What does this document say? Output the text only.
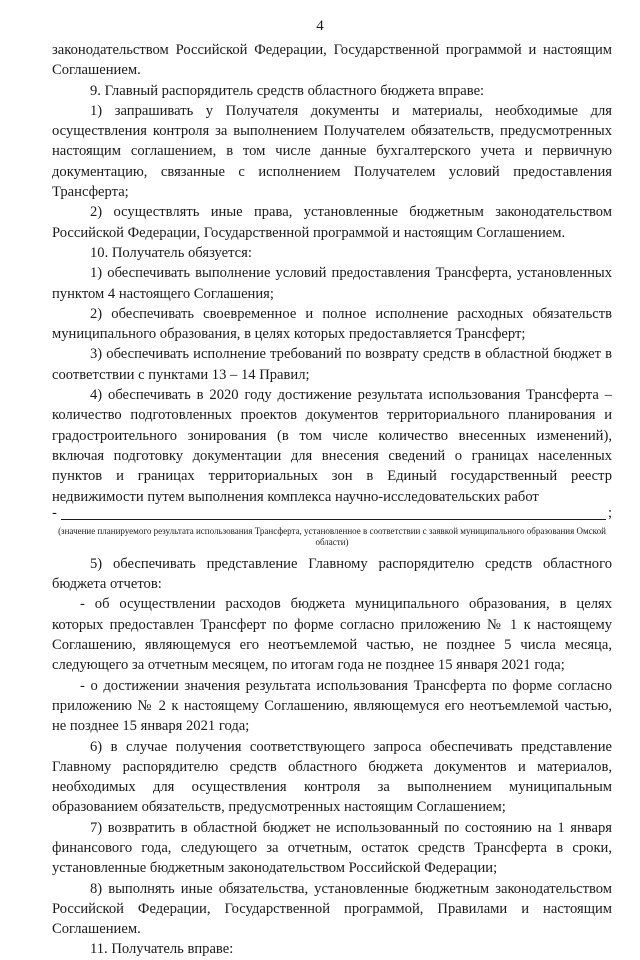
4

законодательством Российской Федерации, Государственной программой и настоящим Соглашением.

9. Главный распорядитель средств областного бюджета вправе:

1) запрашивать у Получателя документы и материалы, необходимые для осуществления контроля за выполнением Получателем обязательств, предусмотренных настоящим соглашением, в том числе данные бухгалтерского учета и первичную документацию, связанные с исполнением Получателем условий предоставления Трансферта;

2) осуществлять иные права, установленные бюджетным законодательством Российской Федерации, Государственной программой и настоящим Соглашением.

10. Получатель обязуется:

1) обеспечивать выполнение условий предоставления Трансферта, установленных пунктом 4 настоящего Соглашения;

2) обеспечивать своевременное и полное исполнение расходных обязательств муниципального образования, в целях которых предоставляется Трансферт;

3) обеспечивать исполнение требований по возврату средств в областной бюджет в соответствии с пунктами 13 – 14 Правил;

4) обеспечивать в 2020 году достижение результата использования Трансферта – количество подготовленных проектов документов территориального планирования и градостроительного зонирования (в том числе количество внесенных изменений), включая подготовку документации для внесения сведений о границах населенных пунктов и границах территориальных зон в Единый государственный реестр недвижимости путем выполнения комплекса научно-исследовательских работ

-	;
(значение планируемого результата использования Трансферта, установленное в соответствии с заявкой муниципального образования Омской области)

5) обеспечивать представление Главному распорядителю средств областного бюджета отчетов:

- об осуществлении расходов бюджета муниципального образования, в целях которых предоставлен Трансферт по форме согласно приложению № 1 к настоящему Соглашению, являющемуся его неотъемлемой частью, не позднее 5 числа месяца, следующего за отчетным месяцем, по итогам года не позднее 15 января 2021 года;

- о достижении значения результата использования Трансферта по форме согласно приложению № 2 к настоящему Соглашению, являющемуся его неотъемлемой частью, не позднее 15 января 2021 года;

6) в случае получения соответствующего запроса обеспечивать представление Главному распорядителю средств областного бюджета документов и материалов, необходимых для осуществления контроля за выполнением муниципальным образованием обязательств, предусмотренных настоящим Соглашением;

7) возвратить в областной бюджет не использованный по состоянию на 1 января финансового года, следующего за отчетным, остаток средств Трансферта в сроки, установленные бюджетным законодательством Российской Федерации;

8) выполнять иные обязательства, установленные бюджетным законодательством Российской Федерации, Государственной программой, Правилами и настоящим Соглашением.

11. Получатель вправе:
